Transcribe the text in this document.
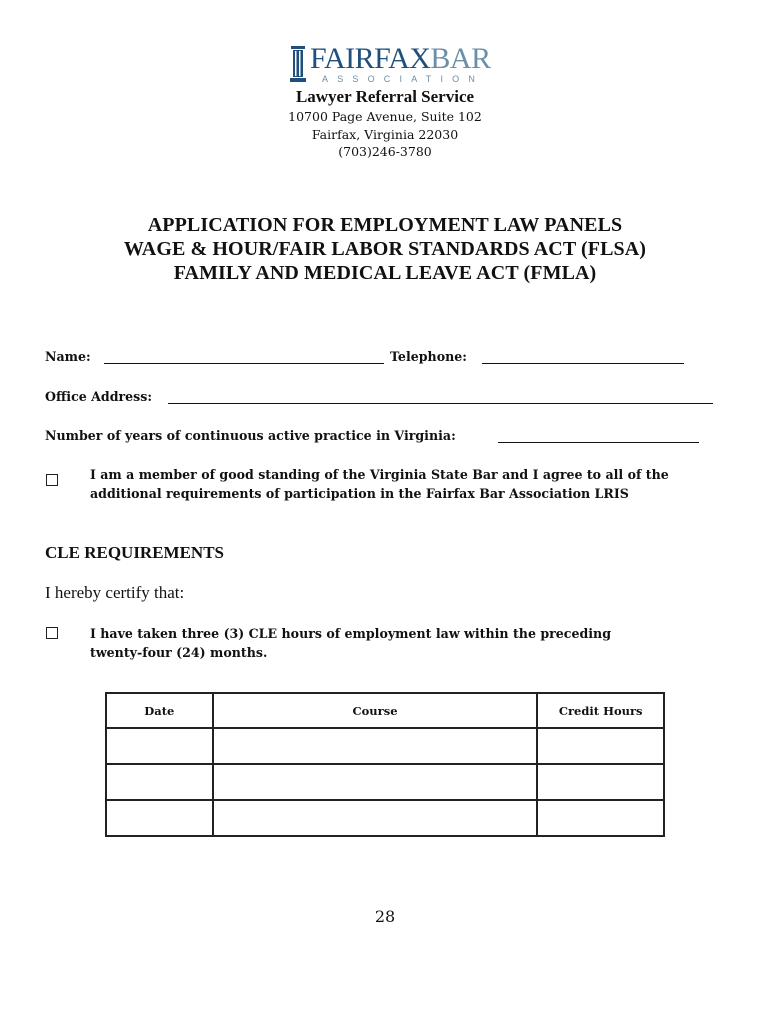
FAIRFAXBAR
ASSOCIATION
Lawyer Referral Service
10700 Page Avenue, Suite 102
Fairfax, Virginia 22030
(703)246-3780
APPLICATION FOR EMPLOYMENT LAW PANELS
WAGE & HOUR/FAIR LABOR STANDARDS ACT (FLSA)
FAMILY AND MEDICAL LEAVE ACT (FMLA)
Name:	Telephone:
Office Address:
Number of years of continuous active practice in Virginia:
I am a member of good standing of the Virginia State Bar and I agree to all of the
additional requirements of participation in the Fairfax Bar Association LRIS
CLE REQUIREMENTS
I hereby certify that:
I have taken three (3) CLE hours of employment law within the preceding
twenty-four (24) months.
Date	Course	Credit Hours

28
